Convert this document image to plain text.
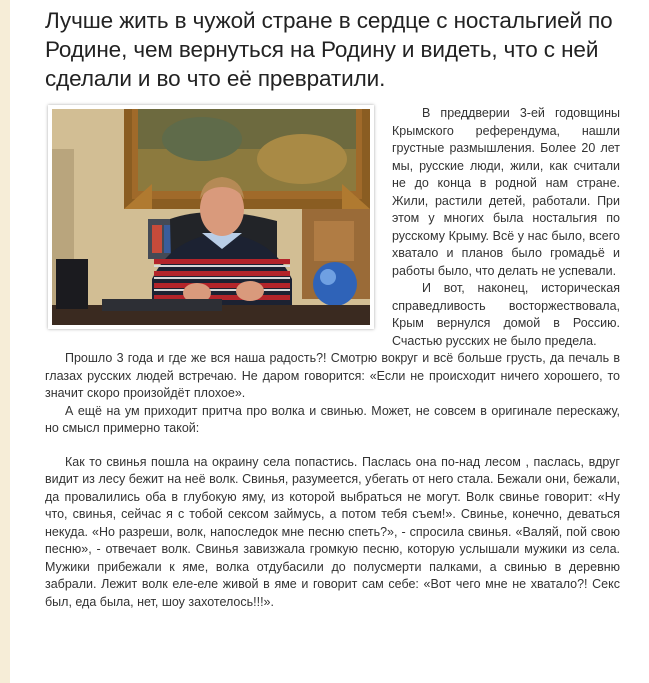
Лучше жить в чужой стране в сердце с ностальгией по Родине, чем вернуться на Родину и видеть, что с ней сделали и во что её превратили.

В преддверии 3-ей годовщины Крымского референдума, нашли грустные размышления. Более 20 лет мы, русские люди, жили, как считали не до конца в родной нам стране. Жили, растили детей, работали. При этом у многих была ностальгия по русскому Крыму. Всё у нас было, всего хватало и планов было громадьё и работы было, что делать не успевали.

И вот, наконец, историческая справедливость восторжествовала, Крым вернулся домой в Россию. Счастью русских не было предела.

Прошло 3 года и где же вся наша радость?! Смотрю вокруг и всё больше грусть, да печаль в глазах русских людей встречаю. Не даром говорится: «Если не происходит ничего хорошего, то значит скоро произойдёт плохое».

А ещё на ум приходит притча про волка и свинью. Может, не совсем в оригинале перескажу, но смысл примерно такой:

Как то свинья пошла на окраину села попастись. Паслась она по-над лесом , паслась, вдруг видит из лесу бежит на неё волк. Свинья, разумеется, убегать от него стала. Бежали они, бежали, да провалились оба в глубокую яму, из которой выбраться не могут. Волк свинье говорит: «Ну что, свинья, сейчас я с тобой сексом займусь, а потом тебя съем!». Свинье, конечно, деваться некуда. «Но разреши, волк, напоследок мне песню спеть?», - спросила свинья. «Валяй, пой свою песню», - отвечает волк. Свинья завизжала громкую песню, которую услышали мужики из села. Мужики прибежали к яме, волка отдубасили до полусмерти палками, а свинью в деревню забрали. Лежит волк еле-еле живой в яме и говорит сам себе: «Вот чего мне не хватало?! Секс был, еда была, нет, шоу захотелось!!!».
